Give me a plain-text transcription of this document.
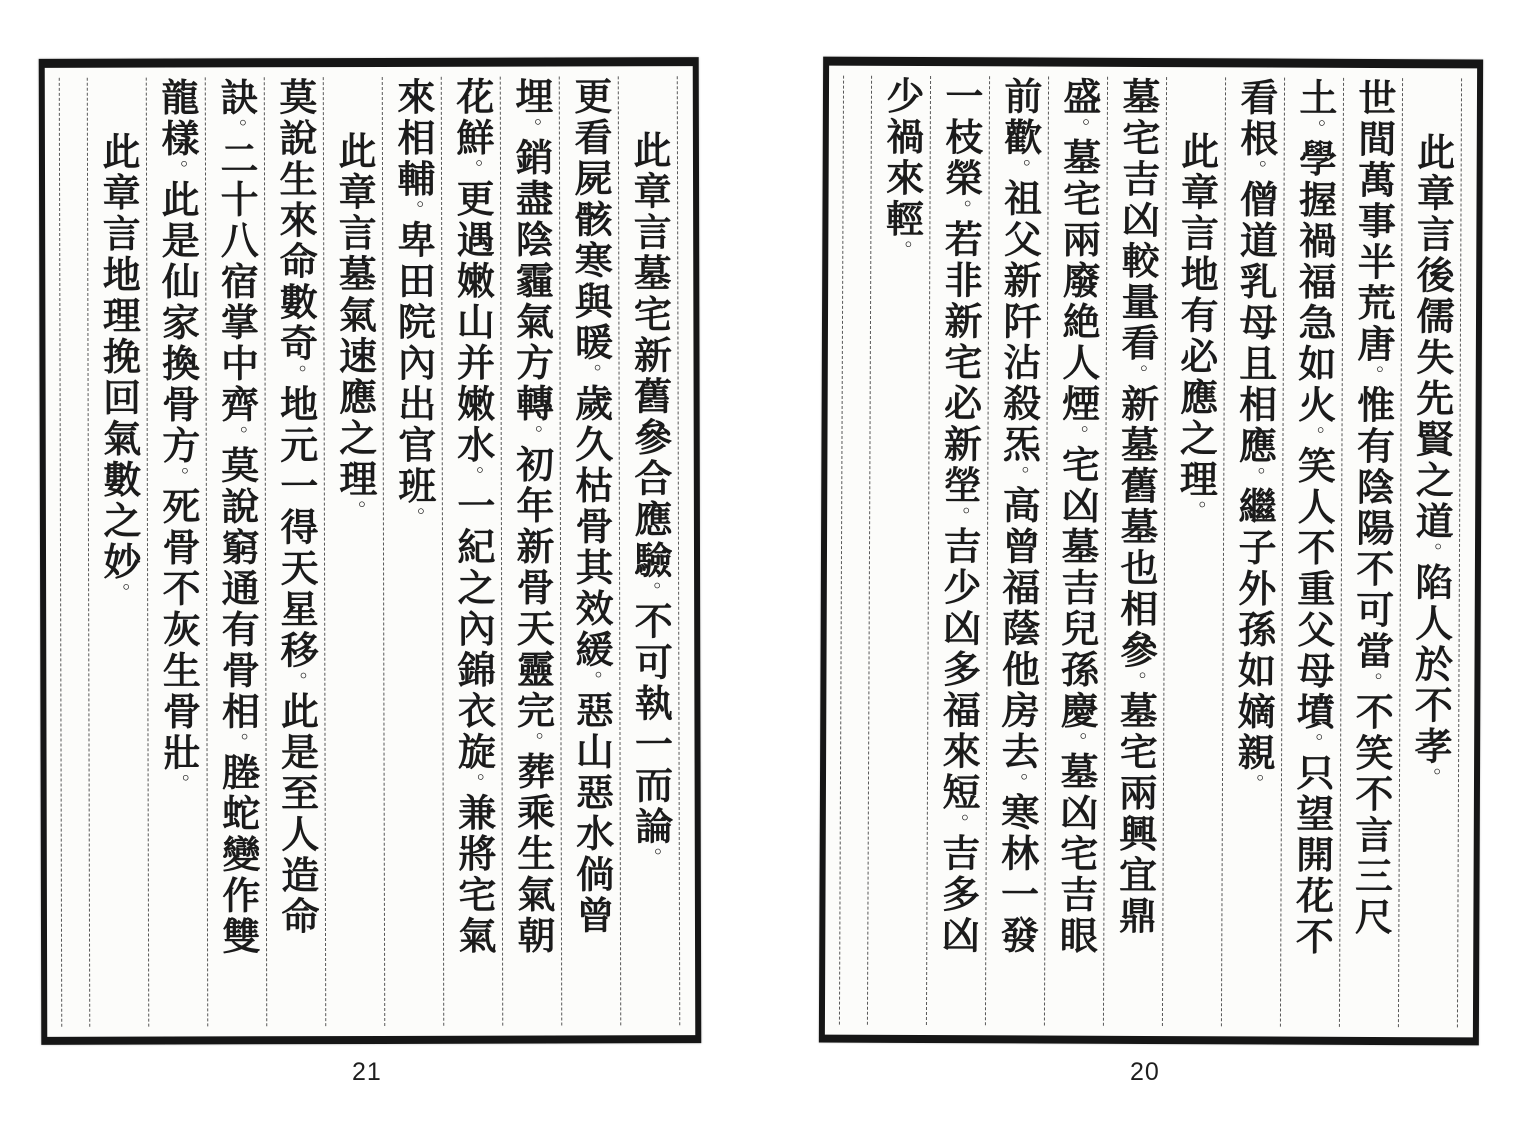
此章言後儒失先賢之道。陷人於不孝。
世間萬事半荒唐。惟有陰陽不可當。不笑不言三尺
土。學握禍福急如火。笑人不重父母墳。只望開花不
看根。僧道乳母且相應。繼子外孫如嫡親。
此章言地有必應之理。
墓宅吉凶較量看。新墓舊墓也相參。墓宅兩興宜鼎
盛。墓宅兩廢絶人煙。宅凶墓吉兒孫慶。墓凶宅吉眼
前歡。祖父新阡沾殺炁。高曾福蔭他房去。寒林一發
一枝榮。若非新宅必新塋。吉少凶多福來短。吉多凶
少禍來輕。
此章言墓宅新舊參合應驗。不可執一而論。
更看屍骸寒與暖。歲久枯骨其效緩。惡山惡水倘曾
埋。銷盡陰霾氣方轉。初年新骨天靈完。葬乘生氣朝
花鮮。更遇嫩山并嫩水。一紀之內錦衣旋。兼將宅氣
來相輔。卑田院內出官班。
此章言墓氣速應之理。
莫說生來命數奇。地元一得天星移。此是至人造命
訣。二十八宿掌中齊。莫說窮通有骨相。塍蛇變作雙
龍樣。此是仙家換骨方。死骨不灰生骨壯。
此章言地理挽回氣數之妙。
20
21
